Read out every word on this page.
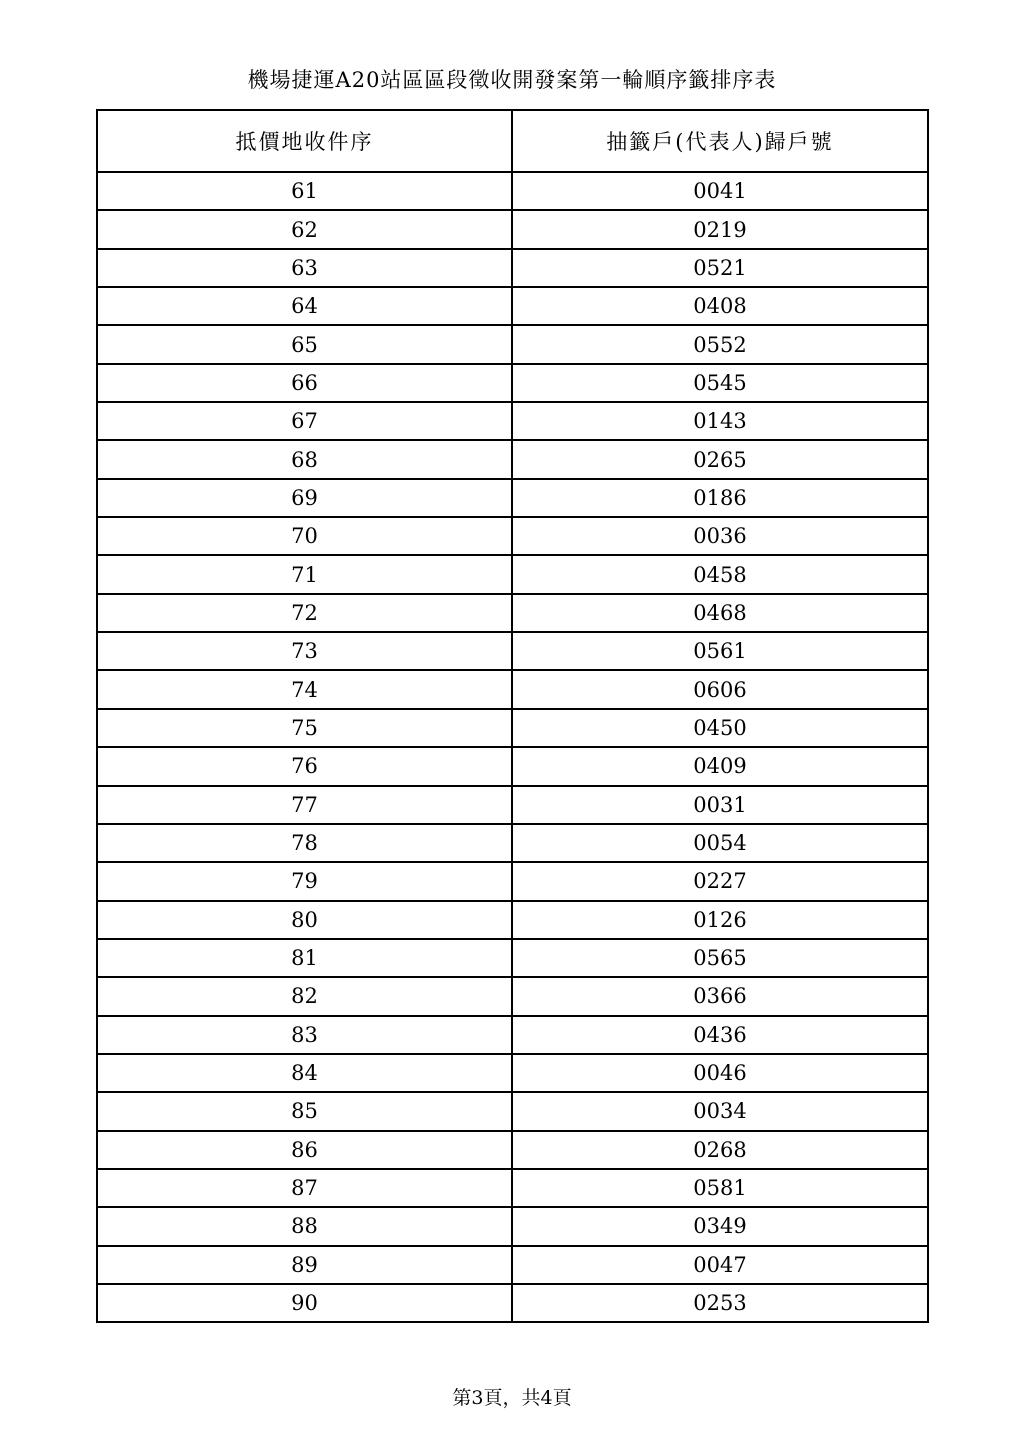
機場捷運A20站區區段徵收開發案第一輪順序籤排序表
抵價地收件序	抽籤戶(代表人)歸戶號
61	0041
62	0219
63	0521
64	0408
65	0552
66	0545
67	0143
68	0265
69	0186
70	0036
71	0458
72	0468
73	0561
74	0606
75	0450
76	0409
77	0031
78	0054
79	0227
80	0126
81	0565
82	0366
83	0436
84	0046
85	0034
86	0268
87	0581
88	0349
89	0047
90	0253
第3頁，共4頁
